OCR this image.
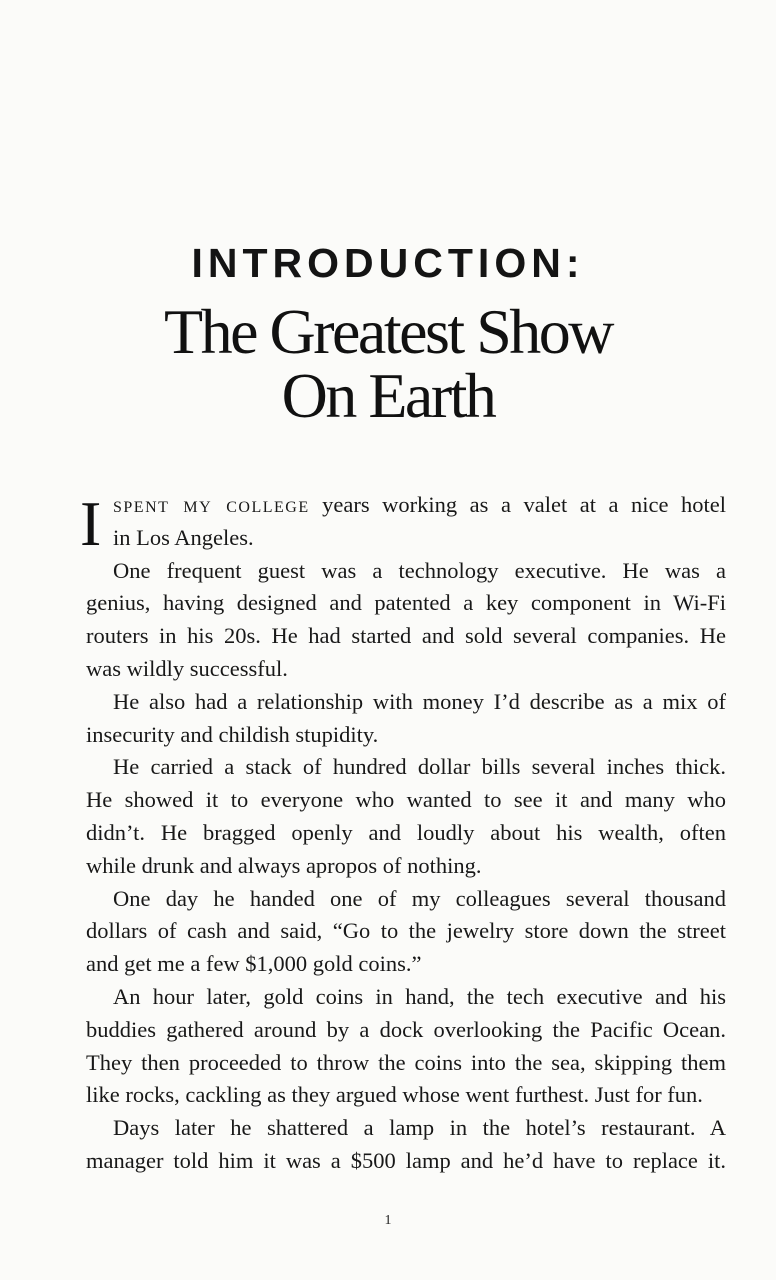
INTRODUCTION:
The Greatest Show
On Earth
I spent my college years working as a valet at a nice hotel
in Los Angeles.
One frequent guest was a technology executive. He was a
genius, having designed and patented a key component in Wi-Fi
routers in his 20s. He had started and sold several companies. He
was wildly successful.
He also had a relationship with money I’d describe as a mix of
insecurity and childish stupidity.
He carried a stack of hundred dollar bills several inches thick.
He showed it to everyone who wanted to see it and many who
didn’t. He bragged openly and loudly about his wealth, often
while drunk and always apropos of nothing.
One day he handed one of my colleagues several thousand
dollars of cash and said, “Go to the jewelry store down the street
and get me a few $1,000 gold coins.”
An hour later, gold coins in hand, the tech executive and his
buddies gathered around by a dock overlooking the Pacific Ocean.
They then proceeded to throw the coins into the sea, skipping them
like rocks, cackling as they argued whose went furthest. Just for fun.
Days later he shattered a lamp in the hotel’s restaurant. A
manager told him it was a $500 lamp and he’d have to replace it.
1
